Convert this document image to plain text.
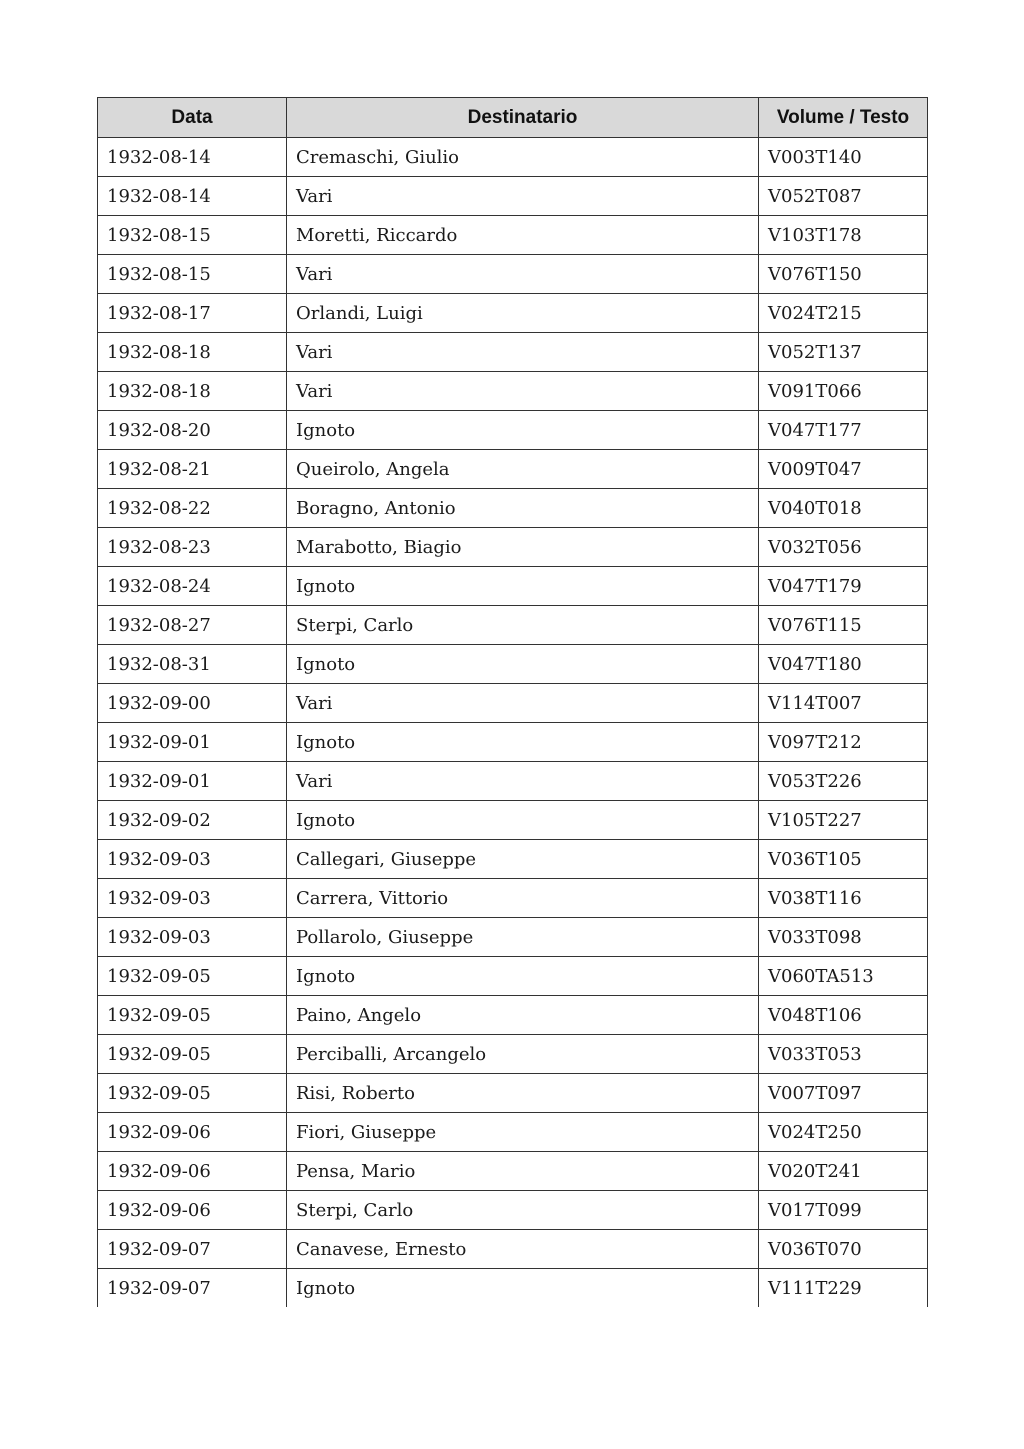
Data	Destinatario	Volume / Testo
1932-08-14	Cremaschi, Giulio	V003T140
1932-08-14	Vari	V052T087
1932-08-15	Moretti, Riccardo	V103T178
1932-08-15	Vari	V076T150
1932-08-17	Orlandi, Luigi	V024T215
1932-08-18	Vari	V052T137
1932-08-18	Vari	V091T066
1932-08-20	Ignoto	V047T177
1932-08-21	Queirolo, Angela	V009T047
1932-08-22	Boragno, Antonio	V040T018
1932-08-23	Marabotto, Biagio	V032T056
1932-08-24	Ignoto	V047T179
1932-08-27	Sterpi, Carlo	V076T115
1932-08-31	Ignoto	V047T180
1932-09-00	Vari	V114T007
1932-09-01	Ignoto	V097T212
1932-09-01	Vari	V053T226
1932-09-02	Ignoto	V105T227
1932-09-03	Callegari, Giuseppe	V036T105
1932-09-03	Carrera, Vittorio	V038T116
1932-09-03	Pollarolo, Giuseppe	V033T098
1932-09-05	Ignoto	V060TA513
1932-09-05	Paino, Angelo	V048T106
1932-09-05	Perciballi, Arcangelo	V033T053
1932-09-05	Risi, Roberto	V007T097
1932-09-06	Fiori, Giuseppe	V024T250
1932-09-06	Pensa, Mario	V020T241
1932-09-06	Sterpi, Carlo	V017T099
1932-09-07	Canavese, Ernesto	V036T070
1932-09-07	Ignoto	V111T229
